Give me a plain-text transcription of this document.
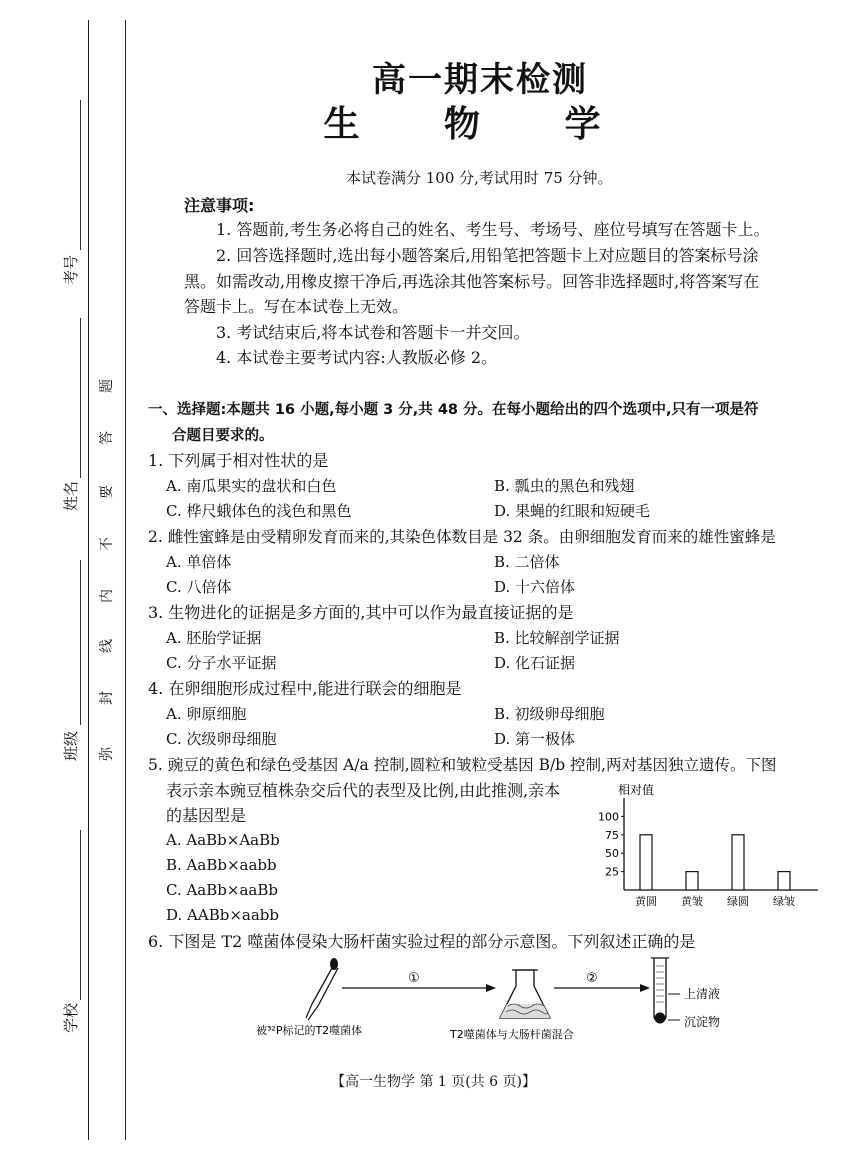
考号
姓名
班级
学校
弥
封
线
内
不
要
答
题
高一期末检测
生 物 学
本试卷满分 100 分,考试用时 75 分钟。
注意事项:
1. 答题前,考生务必将自己的姓名、考生号、考场号、座位号填写在答题卡上。
2. 回答选择题时,选出每小题答案后,用铅笔把答题卡上对应题目的答案标号涂
黑。如需改动,用橡皮擦干净后,再选涂其他答案标号。回答非选择题时,将答案写在
答题卡上。写在本试卷上无效。
3. 考试结束后,将本试卷和答题卡一并交回。
4. 本试卷主要考试内容:人教版必修 2。
一、选择题:本题共 16 小题,每小题 3 分,共 48 分。在每小题给出的四个选项中,只有一项是符
合题目要求的。
1. 下列属于相对性状的是
A. 南瓜果实的盘状和白色	B. 瓢虫的黑色和残翅
C. 桦尺蛾体色的浅色和黑色	D. 果蝇的红眼和短硬毛
2. 雌性蜜蜂是由受精卵发育而来的,其染色体数目是 32 条。由卵细胞发育而来的雄性蜜蜂是
A. 单倍体	B. 二倍体
C. 八倍体	D. 十六倍体
3. 生物进化的证据是多方面的,其中可以作为最直接证据的是
A. 胚胎学证据	B. 比较解剖学证据
C. 分子水平证据	D. 化石证据
4. 在卵细胞形成过程中,能进行联会的细胞是
A. 卵原细胞	B. 初级卵母细胞
C. 次级卵母细胞	D. 第一极体
5. 豌豆的黄色和绿色受基因 A/a 控制,圆粒和皱粒受基因 B/b 控制,两对基因独立遗传。下图
表示亲本豌豆植株杂交后代的表型及比例,由此推测,亲本
的基因型是
A. AaBb×AaBb
B. AaBb×aabb
C. AaBb×aaBb
D. AABb×aabb
相对值
25
50
75
100
黄圆 黄皱 绿圆 绿皱
6. 下图是 T2 噬菌体侵染大肠杆菌实验过程的部分示意图。下列叙述正确的是
①	②
上清液
沉淀物
被³²P标记的T2噬菌体	T2噬菌体与大肠杆菌混合
【高一生物学 第 1 页(共 6 页)】
